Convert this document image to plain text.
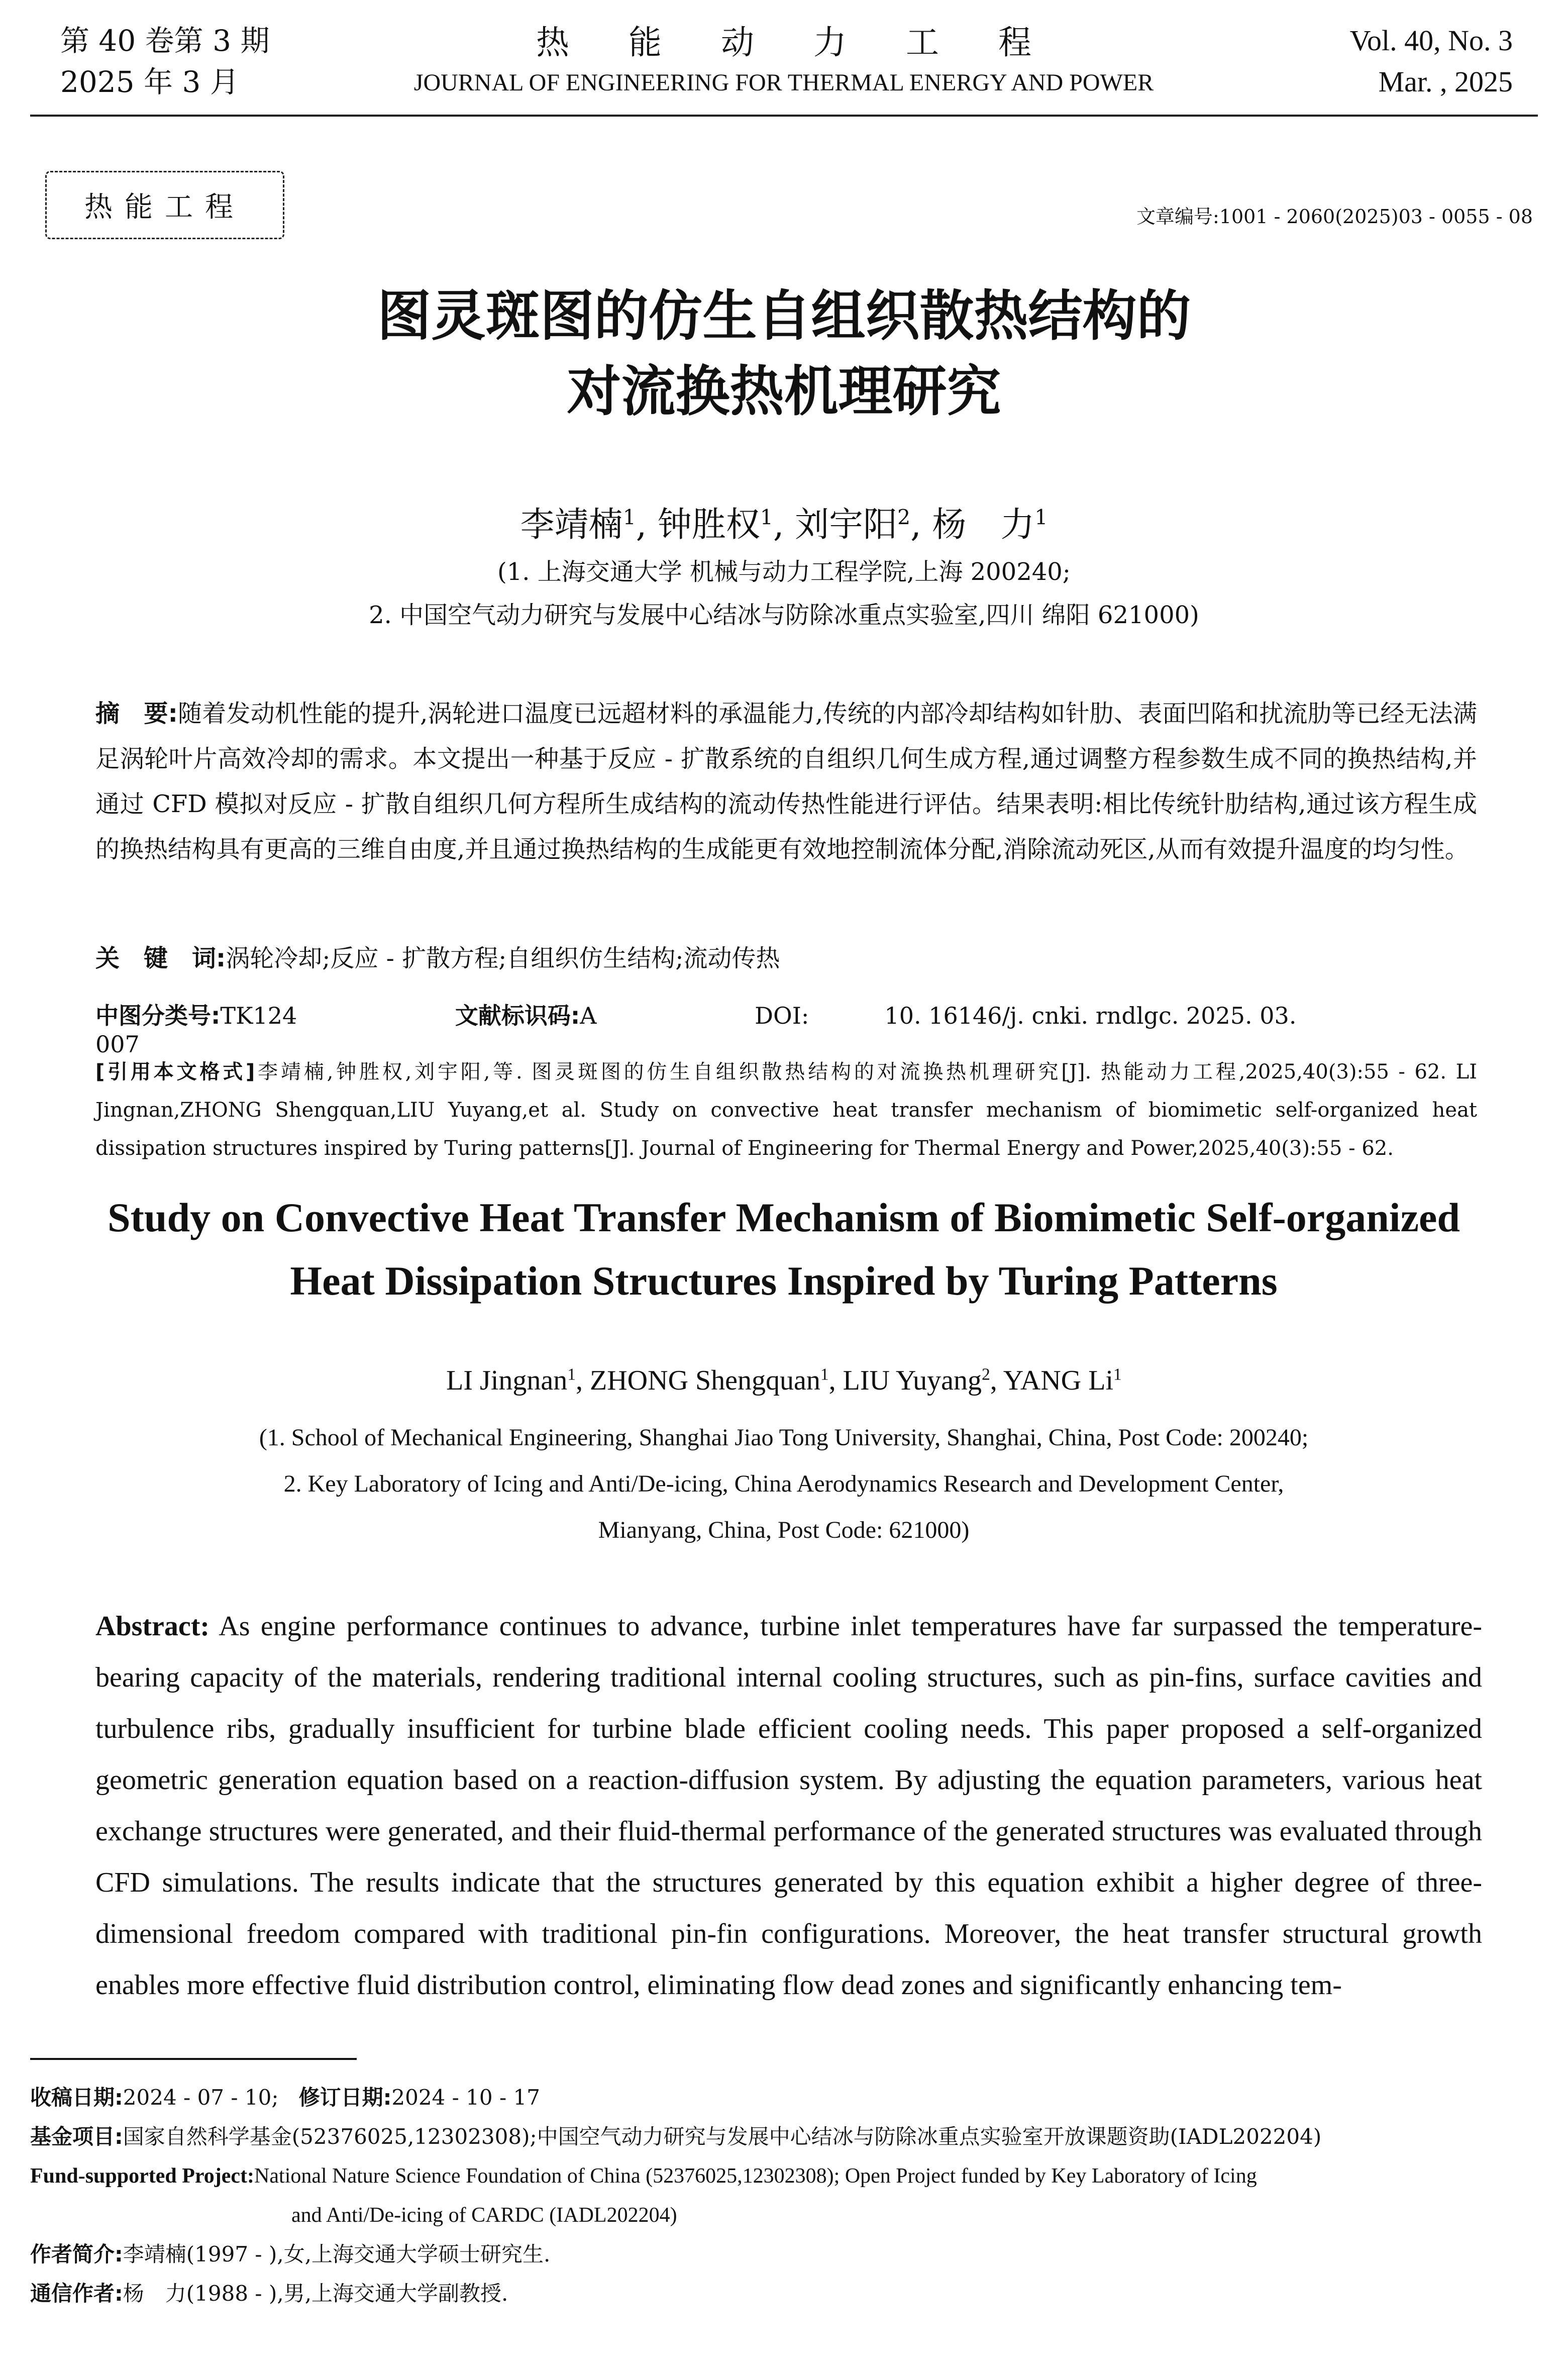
第 40 卷第 3 期
2025 年 3 月
热能动力工程
JOURNAL OF ENGINEERING FOR THERMAL ENERGY AND POWER
Vol. 40, No. 3
Mar. , 2025
热能工程	文章编号:1001 - 2060(2025)03 - 0055 - 08
图灵斑图的仿生自组织散热结构的
对流换热机理研究
李靖楠$^1$, 钟胜权$^1$, 刘宇阳$^2$, 杨　力$^1$
(1. 上海交通大学 机械与动力工程学院,上海 200240;
2. 中国空气动力研究与发展中心结冰与防除冰重点实验室,四川 绵阳 621000)
摘　要:随着发动机性能的提升,涡轮进口温度已远超材料的承温能力,传统的内部冷却结构如针肋、表面凹陷和扰流肋等已经无法满足涡轮叶片高效冷却的需求。本文提出一种基于反应 - 扩散系统的自组织几何生成方程,通过调整方程参数生成不同的换热结构,并通过 CFD 模拟对反应 - 扩散自组织几何方程所生成结构的流动传热性能进行评估。结果表明:相比传统针肋结构,通过该方程生成的换热结构具有更高的三维自由度,并且通过换热结构的生成能更有效地控制流体分配,消除流动死区,从而有效提升温度的均匀性。
关　键　词:涡轮冷却;反应 - 扩散方程;自组织仿生结构;流动传热
中图分类号:TK124	文献标识码:A	DOI:	10. 16146/j. cnki. rndlgc. 2025. 03. 007
[引用本文格式]李靖楠,钟胜权,刘宇阳,等. 图灵斑图的仿生自组织散热结构的对流换热机理研究[J]. 热能动力工程,2025,40(3):55 - 62. LI Jingnan,ZHONG Shengquan,LIU Yuyang,et al. Study on convective heat transfer mechanism of biomimetic self-organized heat dissipation structures inspired by Turing patterns[J]. Journal of Engineering for Thermal Energy and Power,2025,40(3):55 - 62.
Study on Convective Heat Transfer Mechanism of Biomimetic Self-organized
Heat Dissipation Structures Inspired by Turing Patterns
LI Jingnan$^1$, ZHONG Shengquan$^1$, LIU Yuyang$^2$, YANG Li$^1$
(1. School of Mechanical Engineering, Shanghai Jiao Tong University, Shanghai, China, Post Code: 200240;
2. Key Laboratory of Icing and Anti/De-icing, China Aerodynamics Research and Development Center,
Mianyang, China, Post Code: 621000)
Abstract: As engine performance continues to advance, turbine inlet temperatures have far surpassed the temperature-bearing capacity of the materials, rendering traditional internal cooling structures, such as pin-fins, surface cavities and turbulence ribs, gradually insufficient for turbine blade efficient cooling needs. This paper proposed a self-organized geometric generation equation based on a reaction-diffusion system. By adjusting the equation parameters, various heat exchange structures were generated, and their fluid-thermal performance of the generated structures was evaluated through CFD simulations. The results indicate that the structures generated by this equation exhibit a higher degree of three-dimensional freedom compared with traditional pin-fin configurations. Moreover, the heat transfer structural growth enables more effective fluid distribution control, eliminating flow dead zones and significantly enhancing tem-
收稿日期:2024 - 07 - 10; 修订日期:2024 - 10 - 17
基金项目:国家自然科学基金(52376025,12302308);中国空气动力研究与发展中心结冰与防除冰重点实验室开放课题资助(IADL202204)
Fund-supported Project:National Nature Science Foundation of China (52376025,12302308); Open Project funded by Key Laboratory of Icing
and Anti/De-icing of CARDC (IADL202204)
作者简介:李靖楠(1997 - ),女,上海交通大学硕士研究生.
通信作者:杨　力(1988 - ),男,上海交通大学副教授.
